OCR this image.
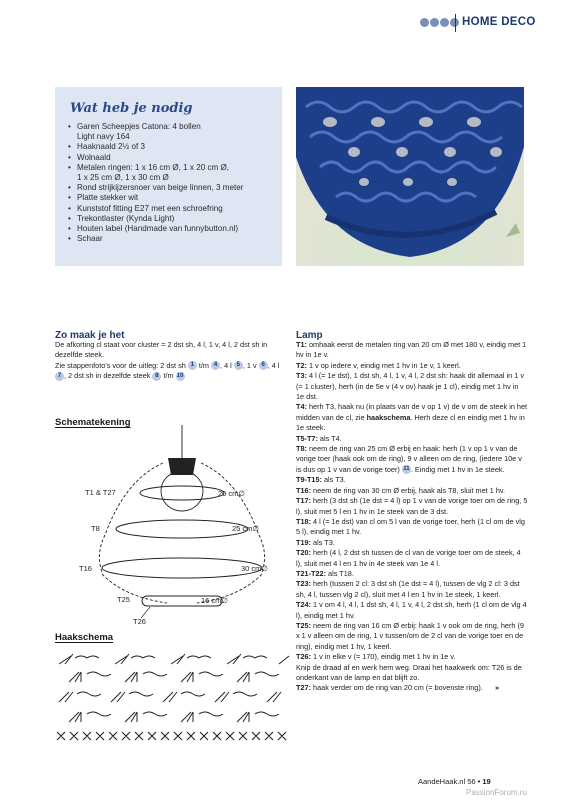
HOME DECO
Wat heb je nodig
• Garen Scheepjes Catona: 4 bollen
Light navy 164
• Haaknaald 2½ of 3
• Wolnaald
• Metalen ringen: 1 x 16 cm Ø, 1 x 20 cm Ø,
1 x 25 cm Ø, 1 x 30 cm Ø
• Rond strijkijzersnoer van beige linnen, 3 meter
• Platte stekker wit
• Kunststof fitting E27 met een schroefring
• Trekontlaster (Kynda Light)
• Houten label (Handmade van funnybutton.nl)
• Schaar
Zo maak je het

De afkorting cl staat voor cluster = 2 dst sh, 4 l, 1 v, 4 l, 2 dst sh in dezelfde steek.

Zie stappenfoto's voor de uitleg: 2 dst sh 1 t/m 4 , 4 l 5 , 1 v 6 , 4 l 7 , 2 dst sh in dezelfde steek 8 t/m 10

Schematekening
T1 & T27	20 cm∅
T8	25 cm∅
T16	30 cm∅
T25	16 cm∅
T26
Haakschema
Lamp
T1: omhaak eerst de metalen ring van 20 cm Ø met 180 v, eindig met 1 hv in 1e v.
T2: 1 v op iedere v, eindig met 1 hv in 1e v, 1 keerl.
T3: 4 l (= 1e dst), 1 dst sh, 4 l, 1 v, 4 l, 2 dst sh: haak dit allemaal in 1 v (= 1 cluster), herh (in de 5e v (4 v ov) haak je 1 cl), eindig met 1 hv in 1e dst.
T4: herh T3, haak nu (in plaats van de v op 1 v) de v om de steek in het midden van de cl, zie haakschema. Herh deze cl en eindig met 1 hv in 1e steek.
T5-T7: als T4.
T8: neem de ring van 25 cm Ø erbij en haak: herh (1 v op 1 v van de vorige toer (haak ook om de ring), 9 v alleen om de ring, (iedere 10e v is dus op 1 v van de vorige toer) 11. Eindig met 1 hv in 1e steek.
T9-T15: als T3.
T16: neem de ring van 30 cm Ø erbij, haak als T8, sluit met 1 hv.
T17: herh (3 dst sh (1e dst = 4 l) op 1 v van de vorige toer om de ring, 5 l), sluit met 5 l en 1 hv in 1e steek van de 3 dst.
T18: 4 l (= 1e dst) van cl om 5 l van de vorige toer, herh (1 cl om de vlg 5 l), eindig met 1 hv.
T19: als T3.
T20: herh (4 l, 2 dst sh tussen de cl van de vorige toer om de steek, 4 l), sluit met 4 l en 1 hv in 4e steek van 1e 4 l.
T21-T22: als T18.
T23: herh (tussen 2 cl: 3 dst sh (1e dst = 4 l), tussen de vlg 2 cl: 3 dst sh, 4 l, tussen vlg 2 cl), sluit met 4 l en 1 hv in 1e steek, 1 keerl.
T24: 1 v om 4 l, 4 l, 1 dst sh, 4 l, 1 v, 4 l, 2 dst sh, herh (1 cl om de vlg 4 l), eindig met 1 hv.
T25: neem de ring van 16 cm Ø erbij: haak 1 v ook om de ring, herh (9 x 1 v alleen om de ring, 1 v tussen/om de 2 cl van de vorige toer en de ring), eindig met 1 hv, 1 keerl.
T26: 1 v in elke v (= 170), eindig met 1 hv in 1e v.
Knip de draad af en werk hem weg. Draai het haakwerk om: T26 is de onderkant van de lamp en dat blijft zo.
T27: haak verder om de ring van 20 cm (= bovenste ring). »
AandeHaak.nl 56 • 19
PassionForum.ru
